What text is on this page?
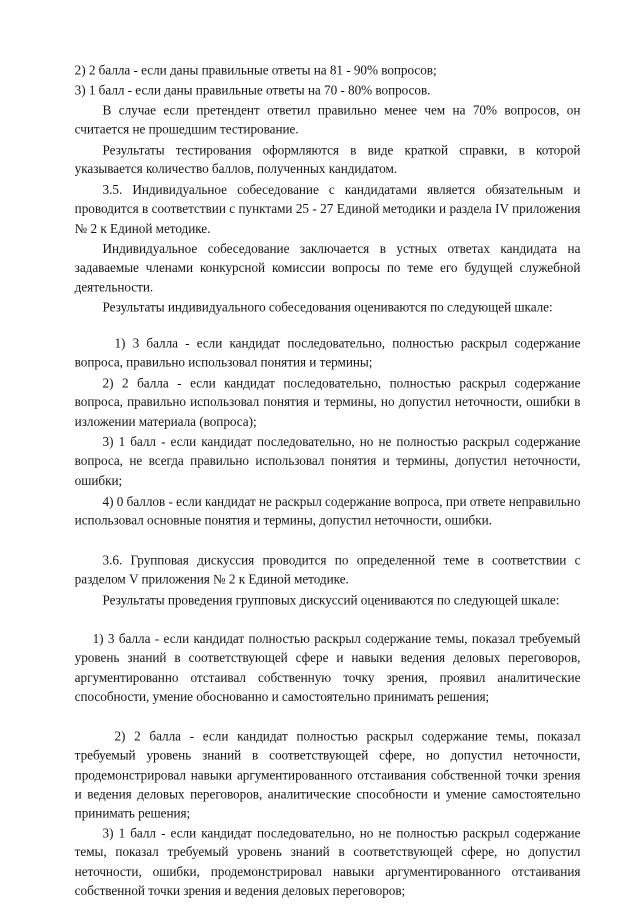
2) 2 балла - если даны правильные ответы на 81 - 90% вопросов;

3) 1 балл - если даны правильные ответы на 70 - 80% вопросов.

В случае если претендент ответил правильно менее чем на 70% вопросов, он считается не прошедшим тестирование.

Результаты тестирования оформляются в виде краткой справки, в которой указывается количество баллов, полученных кандидатом.

3.5. Индивидуальное собеседование с кандидатами является обязательным и проводится в соответствии с пунктами 25 - 27 Единой методики и раздела IV приложения № 2 к Единой методике.

Индивидуальное собеседование заключается в устных ответах кандидата на задаваемые членами конкурсной комиссии вопросы по теме его будущей служебной деятельности.

Результаты индивидуального собеседования оцениваются по следующей шкале:

1) 3 балла - если кандидат последовательно, полностью раскрыл содержание вопроса, правильно использовал понятия и термины;

2) 2 балла - если кандидат последовательно, полностью раскрыл содержание вопроса, правильно использовал понятия и термины, но допустил неточности, ошибки в изложении материала (вопроса);

3) 1 балл - если кандидат последовательно, но не полностью раскрыл содержание вопроса, не всегда правильно использовал понятия и термины, допустил неточности, ошибки;

4) 0 баллов - если кандидат не раскрыл содержание вопроса, при ответе неправильно использовал основные понятия и термины, допустил неточности, ошибки.

3.6. Групповая дискуссия проводится по определенной теме в соответствии с разделом V приложения № 2 к Единой методике.

Результаты проведения групповых дискуссий оцениваются по следующей шкале:

1) 3 балла - если кандидат полностью раскрыл содержание темы, показал требуемый уровень знаний в соответствующей сфере и навыки ведения деловых переговоров, аргументированно отстаивал собственную точку зрения, проявил аналитические способности, умение обоснованно и самостоятельно принимать решения;

2) 2 балла - если кандидат полностью раскрыл содержание темы, показал требуемый уровень знаний в соответствующей сфере, но допустил неточности, продемонстрировал навыки аргументированного отстаивания собственной точки зрения и ведения деловых переговоров, аналитические способности и умение самостоятельно принимать решения;

3) 1 балл - если кандидат последовательно, но не полностью раскрыл содержание темы, показал требуемый уровень знаний в соответствующей сфере, но допустил неточности, ошибки, продемонстрировал навыки аргументированного отстаивания собственной точки зрения и ведения деловых переговоров;
